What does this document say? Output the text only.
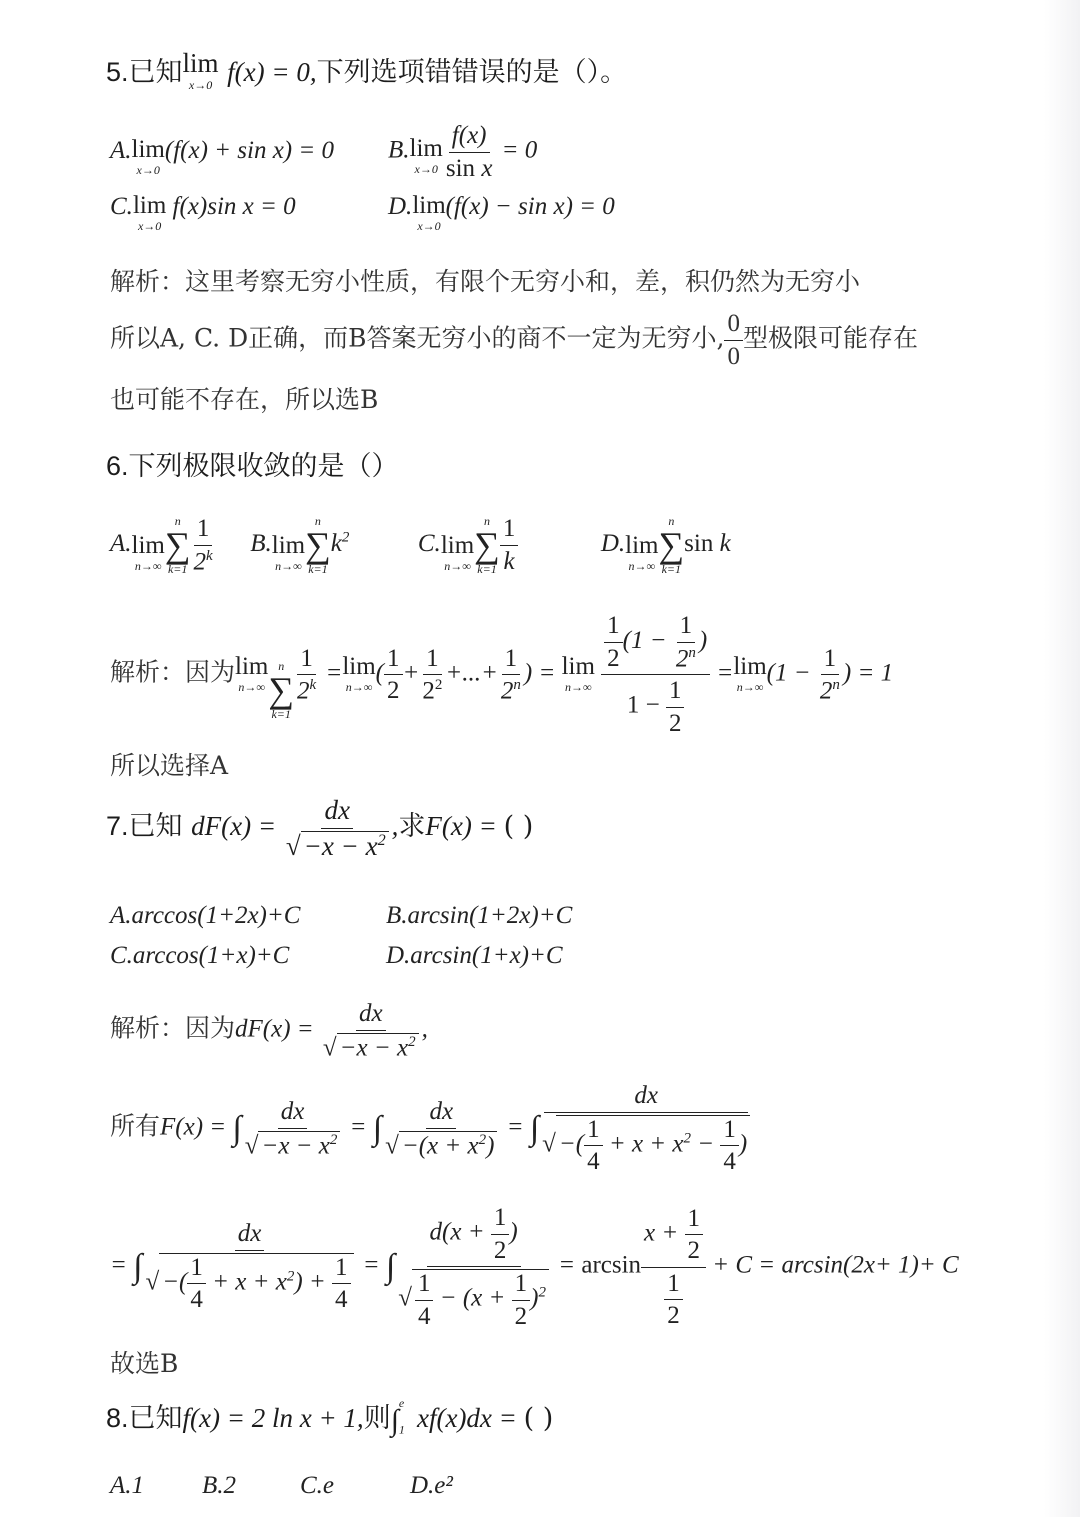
5.已知 lim
x→0 f(x) = 0,下列选项错错误的是（）。
A. lim
x→0
(f(x) + sin x) = 0 B. lim
$x\to 0 \frac{f(x)}{\text{sin x}} = 0$
C. lim
x→0
f(x)sin x = 0	D. lim
x→0
(f(x) − sin x) = 0
解析：这里考察无穷小性质，有限个无穷小和，差，积仍然为无穷小
所以A, C. D正确，而B答案无穷小的商不一定为无穷小, $\frac{0}{0}$ 型极限可能存在
也可能不存在，所以选B
6.下列极限收敛的是（）
A. lim
n→∞
n
∑
$k=1 \frac{1}{2^k} B$. lim
n→∞
n
∑
k=1
$k^2$	C. lim
n→∞
n
∑
$k=1 \frac{1}{k}$	D. lim
n→∞
n
∑
k=1
sin k
解析：因为 lim
n→∞
n
∑
k=1
$\frac{1}{2^k} = \lim$
n→∞
( $\frac{1}{2} + \frac{1}{2^2}$ +...+ $\frac{1}{2^n}$ ) = lim
n→∞
$\frac{\frac{1}{2} (1 - \frac{1}{2^n} )}{1 - \frac{1}{2}} = \lim$
n→∞
($1 - \frac{1}{2^n}$ ) = 1
所以选择A
7.已知 $dF(x) = \frac{dx}{√ -x - x^2}$ ,求F(x) = ( )
A.arccos(1+2x)+C	B.arcsin(1+2x)+C
C.arccos(1+x)+C	D.arcsin(1+x)+C
解析：因为$dF(x) = \frac{dx}{√ -x - x^2}$ ,
所有F(x) = ∫ $\frac{dx}{√ -x - x^2}$ = ∫ $\frac{dx}{√ -(x + x^2)}$ = ∫ $\frac{dx}{√ -( \frac{1}{4} + x + x^2 - \frac{1}{4} )}$
= ∫ $\frac{dx}{√ -( \frac{1}{4} + x + x^2) + \frac{1}{4}}$ = ∫ $\frac{d(x + \frac{1}{2} )}{√ \frac{1}{4} - (x + \frac{1}{2} )^2} = \arcsin \frac{x + \frac{1}{2}}{\frac{1}{2}} + C = \arcsin(2x+ 1)+ C$
故选B
8.已知f(x) = 2 ln x + 1,则$\int_1^e$ xf(x)dx = ( )
A.1 B.2	C.e	D.e²
